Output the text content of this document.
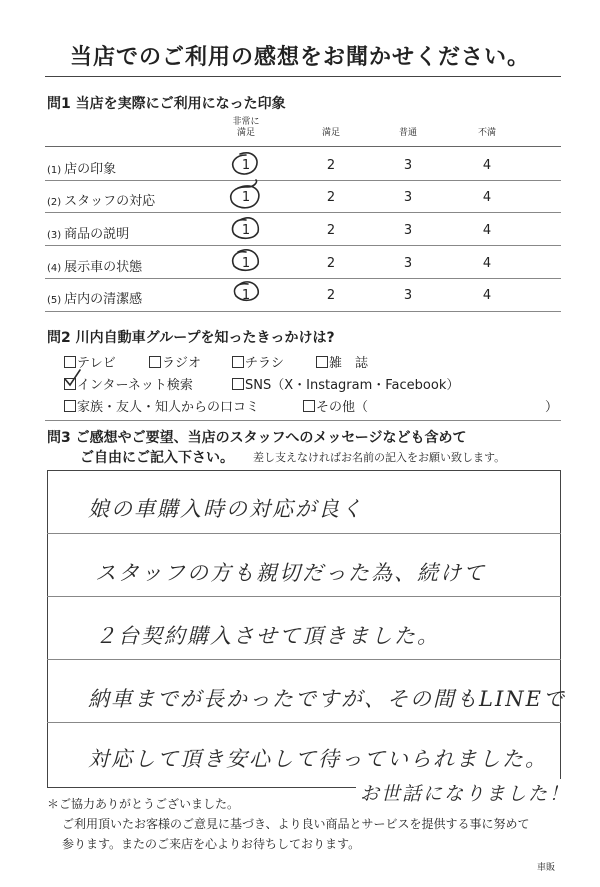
当店でのご利用の感想をお聞かせください。
問1 当店を実際にご利用になった印象
非常に
満足	満足	普通	不満
(1) 店の印象	1	2	3	4
(2) スタッフの対応	1	2	3	4
(3) 商品の説明	1	2	3	4
(4) 展示車の状態	1	2	3	4
(5) 店内の清潔感	1	2	3	4
問2 川内自動車グループを知ったきっかけは?
テレビ	ラジオ	チラシ	雑　誌
インターネット検索	SNS（X・Instagram・Facebook）
家族・友人・知人からの口コミ	その他（	）
問3 ご感想やご要望、当店のスタッフへのメッセージなども含めて
ご自由にご記入下さい。 差し支えなければお名前の記入をお願い致します。
娘の車購入時の対応が良く
スタッフの方も親切だった為、続けて
２台契約購入させて頂きました。
納車までが長かったですが、その間もLINEで
対応して頂き安心して待っていられました。
お世話になりました！
＊ご協力ありがとうございました。
ご利用頂いたお客様のご意見に基づき、より良い商品とサービスを提供する事に努めて
参ります。またのご来店を心よりお待ちしております。
車販
